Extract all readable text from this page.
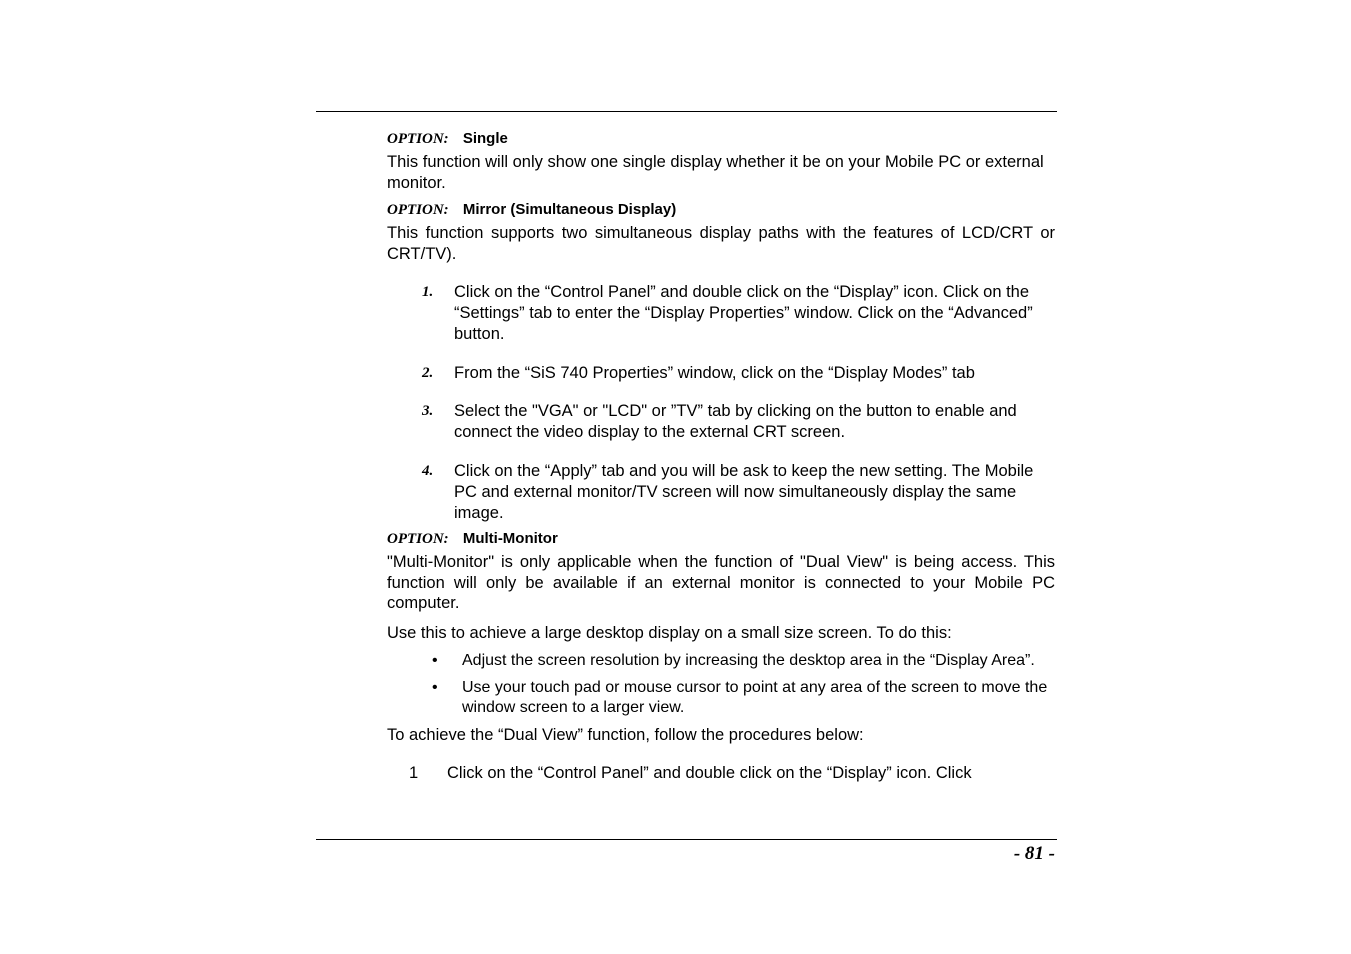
OPTION: Single

This function will only show one single display whether it be on your Mobile PC or external monitor.

OPTION: Mirror (Simultaneous Display)

This function supports two simultaneous display paths with the features of LCD/CRT or CRT/TV).

1. Click on the “Control Panel” and double click on the “Display” icon. Click on the “Settings” tab to enter the “Display Properties” window. Click on the “Advanced” button.
2. From the “SiS 740 Properties” window, click on the “Display Modes” tab
3. Select the "VGA" or "LCD" or ”TV” tab by clicking on the button to enable and connect the video display to the external CRT screen.
4. Click on the “Apply” tab and you will be ask to keep the new setting. The Mobile PC and external monitor/TV screen will now simultaneously display the same image.
OPTION: Multi-Monitor

"Multi-Monitor" is only applicable when the function of "Dual View" is being access. This function will only be available if an external monitor is connected to your Mobile PC computer.

Use this to achieve a large desktop display on a small size screen. To do this:

• Adjust the screen resolution by increasing the desktop area in the “Display Area”.
• Use your touch pad or mouse cursor to point at any area of the screen to move the window screen to a larger view.

To achieve the “Dual View” function, follow the procedures below:

1 Click on the “Control Panel” and double click on the “Display” icon. Click
- 81 -
